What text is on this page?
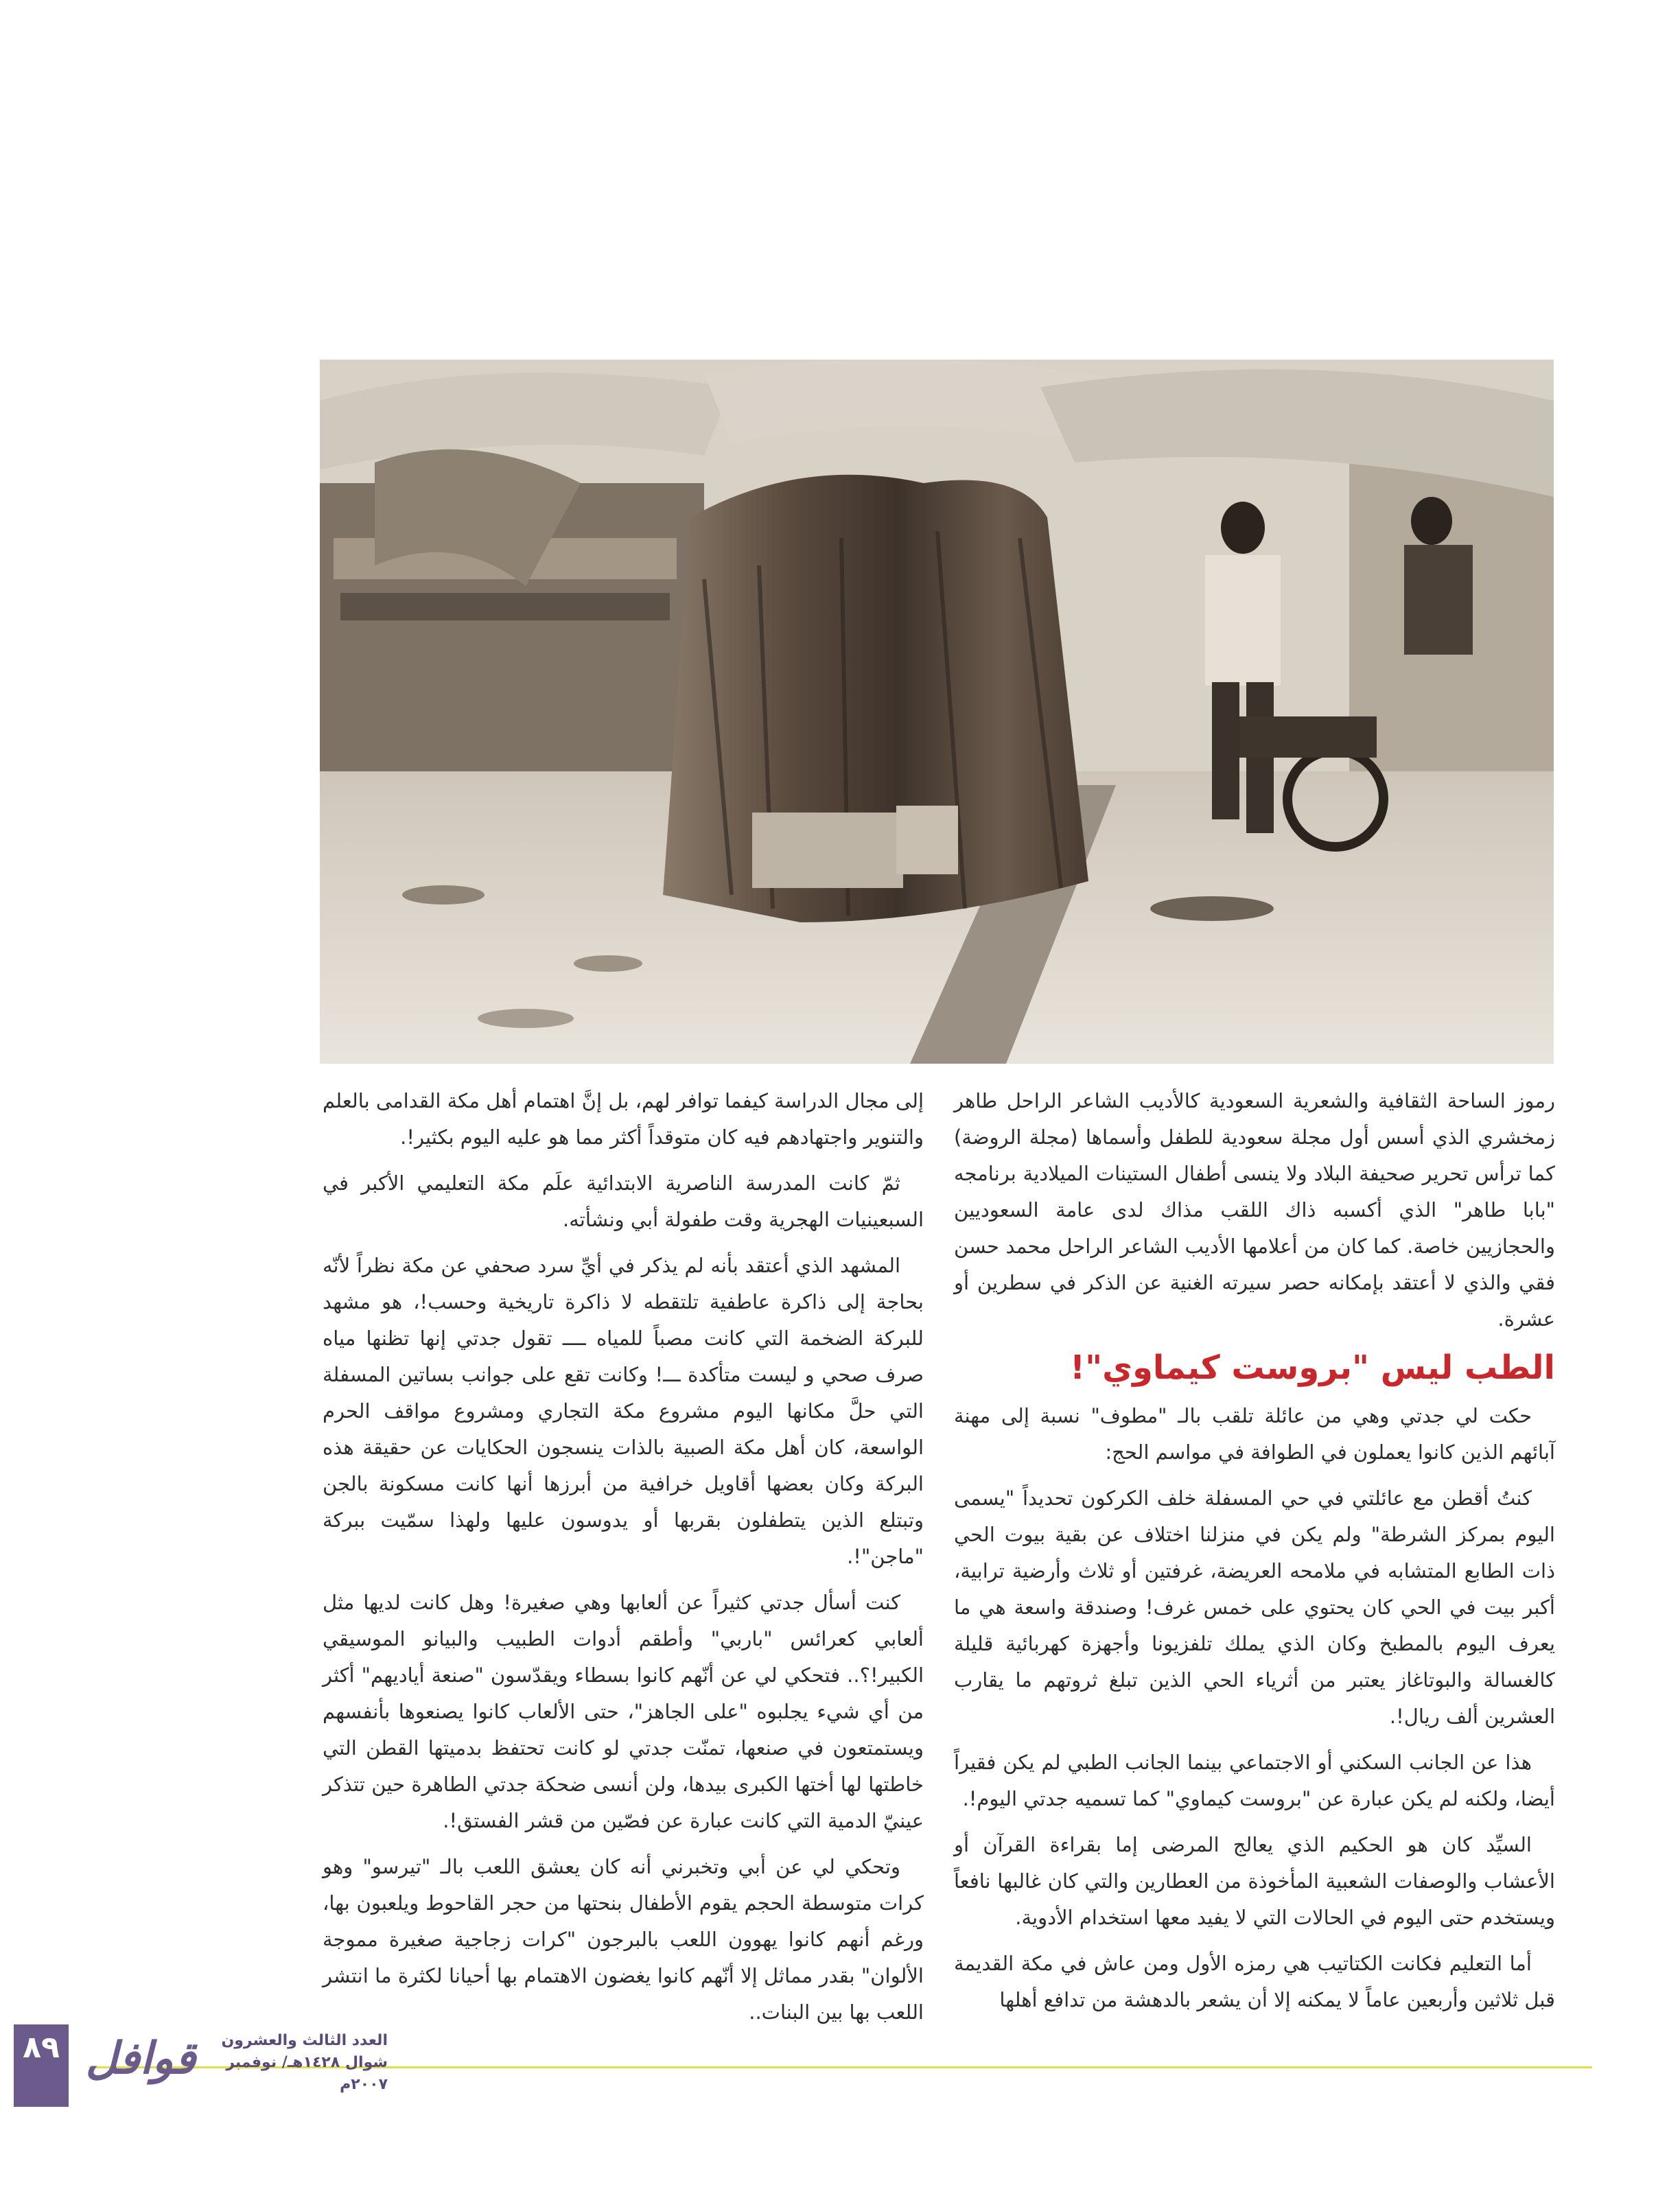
رموز الساحة الثقافية والشعرية السعودية كالأديب الشاعر الراحل طاهر زمخشري الذي أسس أول مجلة سعودية للطفل وأسماها (مجلة الروضة) كما ترأس تحرير صحيفة البلاد ولا ينسى أطفال الستينات الميلادية برنامجه "بابا طاهر" الذي أكسبه ذاك اللقب مذاك لدى عامة السعوديين والحجازيين خاصة. كما كان من أعلامها الأديب الشاعر الراحل محمد حسن فقي والذي لا أعتقد بإمكانه حصر سيرته الغنية عن الذكر في سطرين أو عشرة.

الطب ليس "بروست كيماوي"!

حكت لي جدتي وهي من عائلة تلقب بالـ "مطوف" نسبة إلى مهنة آبائهم الذين كانوا يعملون في الطوافة في مواسم الحج:

كنتُ أقطن مع عائلتي في حي المسفلة خلف الكركون تحديداً "يسمى اليوم بمركز الشرطة" ولم يكن في منزلنا اختلاف عن بقية بيوت الحي ذات الطابع المتشابه في ملامحه العريضة، غرفتين أو ثلاث وأرضية ترابية، أكبر بيت في الحي كان يحتوي على خمس غرف! وصندقة واسعة هي ما يعرف اليوم بالمطبخ وكان الذي يملك تلفزيونا وأجهزة كهربائية قليلة كالغسالة والبوتاغاز يعتبر من أثرياء الحي الذين تبلغ ثروتهم ما يقارب العشرين ألف ريال!.

هذا عن الجانب السكني أو الاجتماعي بينما الجانب الطبي لم يكن فقيراً أيضا، ولكنه لم يكن عبارة عن "بروست كيماوي" كما تسميه جدتي اليوم!.

السيِّد كان هو الحكيم الذي يعالج المرضى إما بقراءة القرآن أو الأعشاب والوصفات الشعبية المأخوذة من العطارين والتي كان غالبها نافعاً ويستخدم حتى اليوم في الحالات التي لا يفيد معها استخدام الأدوية.

أما التعليم فكانت الكتاتيب هي رمزه الأول ومن عاش في مكة القديمة قبل ثلاثين وأربعين عاماً لا يمكنه إلا أن يشعر بالدهشة من تدافع أهلها

إلى مجال الدراسة كيفما توافر لهم، بل إنَّ اهتمام أهل مكة القدامى بالعلم والتنوير واجتهادهم فيه كان متوقداً أكثر مما هو عليه اليوم بكثير!.

ثمّ كانت المدرسة الناصرية الابتدائية علَم مكة التعليمي الأكبر في السبعينيات الهجرية وقت طفولة أبي ونشأته.

المشهد الذي أعتقد بأنه لم يذكر في أيِّ سرد صحفي عن مكة نظراً لأنّه بحاجة إلى ذاكرة عاطفية تلتقطه لا ذاكرة تاريخية وحسب!، هو مشهد للبركة الضخمة التي كانت مصباً للمياه ــــ تقول جدتي إنها تظنها مياه صرف صحي و ليست متأكدة ـــ! وكانت تقع على جوانب بساتين المسفلة التي حلَّ مكانها اليوم مشروع مكة التجاري ومشروع مواقف الحرم الواسعة، كان أهل مكة الصبية بالذات ينسجون الحكايات عن حقيقة هذه البركة وكان بعضها أقاويل خرافية من أبرزها أنها كانت مسكونة بالجن وتبتلع الذين يتطفلون بقربها أو يدوسون عليها ولهذا سمّيت ببركة "ماجن"!.

كنت أسأل جدتي كثيراً عن ألعابها وهي صغيرة! وهل كانت لديها مثل ألعابي كعرائس "باربي" وأطقم أدوات الطبيب والبيانو الموسيقي الكبير!؟.. فتحكي لي عن أنّهم كانوا بسطاء ويقدّسون "صنعة أياديهم" أكثر من أي شيء يجلبوه "على الجاهز"، حتى الألعاب كانوا يصنعوها بأنفسهم ويستمتعون في صنعها، تمنّت جدتي لو كانت تحتفظ بدميتها القطن التي خاطتها لها أختها الكبرى بيدها، ولن أنسى ضحكة جدتي الطاهرة حين تتذكر عينيّ الدمية التي كانت عبارة عن فصّين من قشر الفستق!.

وتحكي لي عن أبي وتخبرني أنه كان يعشق اللعب بالـ "تيرسو" وهو كرات متوسطة الحجم يقوم الأطفال بنحتها من حجر القاحوط ويلعبون بها، ورغم أنهم كانوا يهوون اللعب بالبرجون "كرات زجاجية صغيرة مموجة الألوان" بقدر مماثل إلا أنّهم كانوا يغضون الاهتمام بها أحيانا لكثرة ما انتشر اللعب بها بين البنات..

٨٩ قوافل	العدد الثالث والعشرون
شوال ١٤٢٨هـ/ نوفمبر ٢٠٠٧م
